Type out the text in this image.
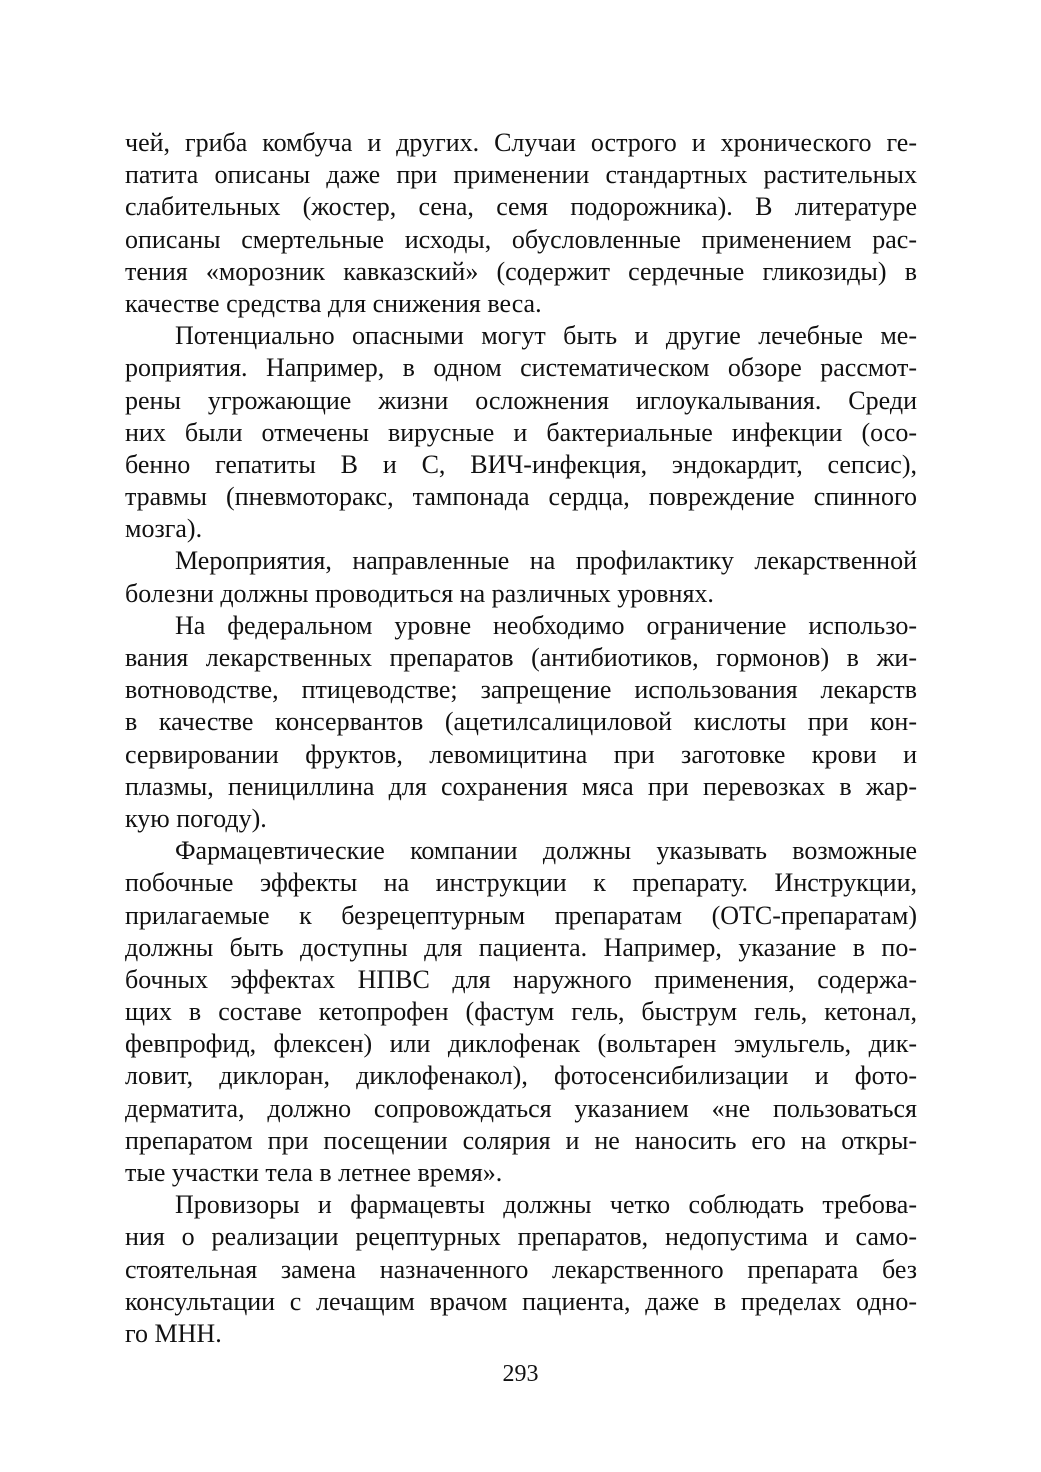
чей, гриба комбуча и других. Случаи острого и хронического ге-
патита описаны даже при применении стандартных растительных
слабительных (жостер, сена, семя подорожника). В литературе
описаны смертельные исходы, обусловленные применением рас-
тения «морозник кавказский» (содержит сердечные гликозиды) в
качестве средства для снижения веса.
Потенциально опасными могут быть и другие лечебные ме-
роприятия. Например, в одном систематическом обзоре рассмот-
рены угрожающие жизни осложнения иглоукалывания. Среди
них были отмечены вирусные и бактериальные инфекции (осо-
бенно гепатиты В и С, ВИЧ-инфекция, эндокардит, сепсис),
травмы (пневмоторакс, тампонада сердца, повреждение спинного
мозга).
Мероприятия, направленные на профилактику лекарственной
болезни должны проводиться на различных уровнях.
На федеральном уровне необходимо ограничение использо-
вания лекарственных препаратов (антибиотиков, гормонов) в жи-
вотноводстве, птицеводстве; запрещение использования лекарств
в качестве консервантов (ацетилсалициловой кислоты при кон-
сервировании фруктов, левомицитина при заготовке крови и
плазмы, пенициллина для сохранения мяса при перевозках в жар-
кую погоду).
Фармацевтические компании должны указывать возможные
побочные эффекты на инструкции к препарату. Инструкции,
прилагаемые к безрецептурным препаратам (ОТС-препаратам)
должны быть доступны для пациента. Например, указание в по-
бочных эффектах НПВС для наружного применения, содержа-
щих в составе кетопрофен (фастум гель, быструм гель, кетонал,
февпрофид, флексен) или диклофенак (вольтарен эмульгель, дик-
ловит, диклоран, диклофенакол), фотосенсибилизации и фото-
дерматита, должно сопровождаться указанием «не пользоваться
препаратом при посещении солярия и не наносить его на откры-
тые участки тела в летнее время».
Провизоры и фармацевты должны четко соблюдать требова-
ния о реализации рецептурных препаратов, недопустима и само-
стоятельная замена назначенного лекарственного препарата без
консультации с лечащим врачом пациента, даже в пределах одно-
го МНН.
293
